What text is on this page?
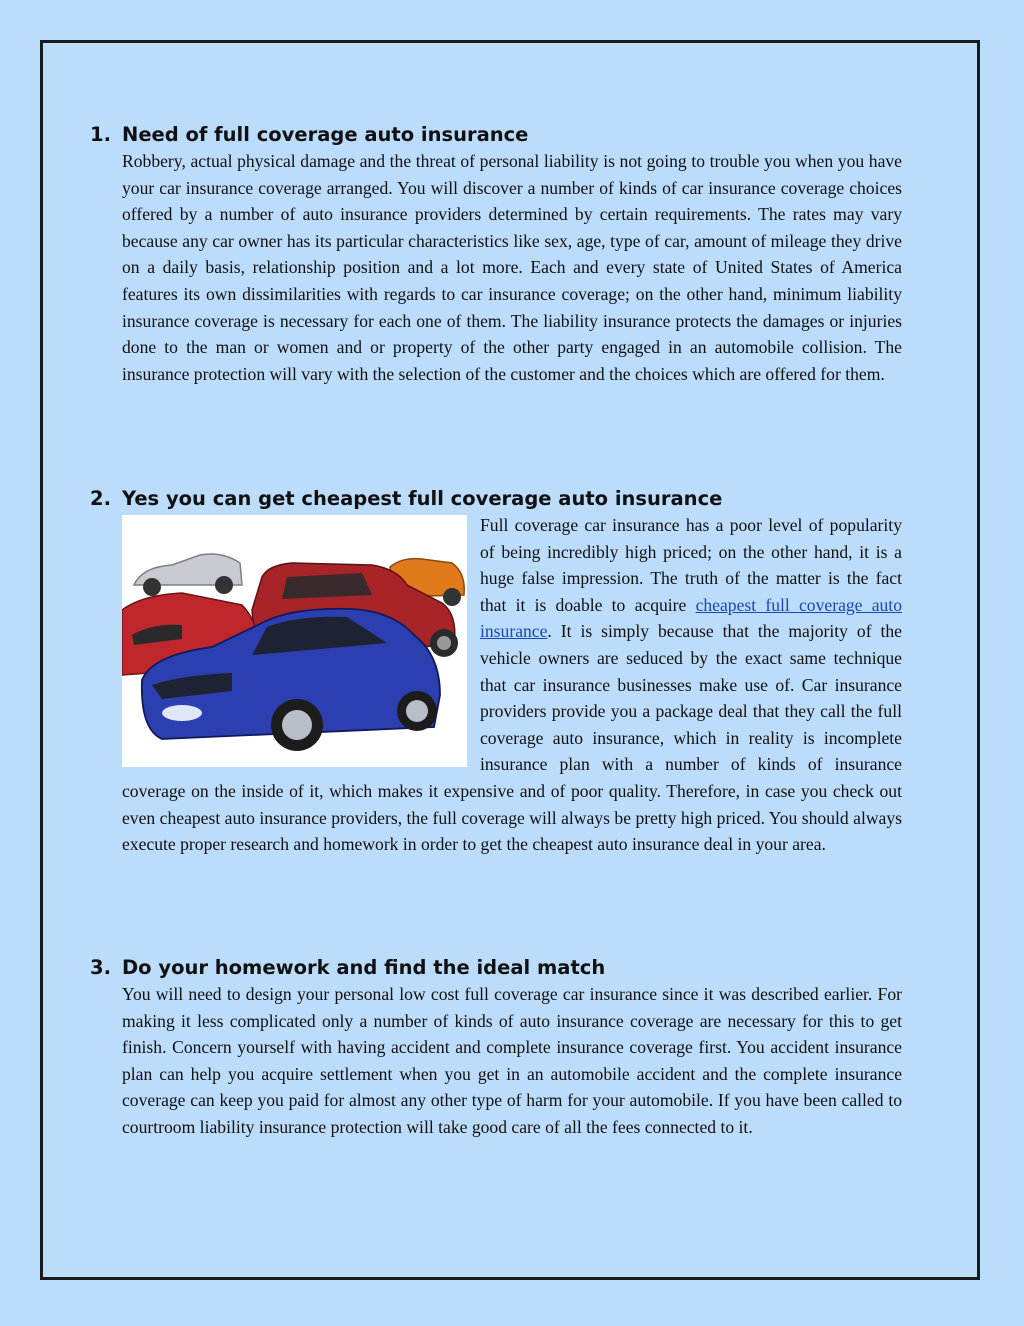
1. Need of full coverage auto insurance

Robbery, actual physical damage and the threat of personal liability is not going to trouble you when you have your car insurance coverage arranged. You will discover a number of kinds of car insurance coverage choices offered by a number of auto insurance providers determined by certain requirements. The rates may vary because any car owner has its particular characteristics like sex, age, type of car, amount of mileage they drive on a daily basis, relationship position and a lot more. Each and every state of United States of America features its own dissimilarities with regards to car insurance coverage; on the other hand, minimum liability insurance coverage is necessary for each one of them. The liability insurance protects the damages or injuries done to the man or women and or property of the other party engaged in an automobile collision. The insurance protection will vary with the selection of the customer and the choices which are offered for them.

2. Yes you can get cheapest full coverage auto insurance
Full coverage car insurance has a poor level of popularity of being incredibly high priced; on the other hand, it is a huge false impression. The truth of the matter is the fact that it is doable to acquire cheapest full coverage auto insurance. It is simply because that the majority of the vehicle owners are seduced by the exact same technique that car insurance businesses make use of. Car insurance providers provide you a package deal that they call the full coverage auto insurance, which in reality is incomplete insurance plan with a number of kinds of insurance coverage on the inside of it, which makes it expensive and of poor quality. Therefore, in case you check out even cheapest auto insurance providers, the full coverage will always be pretty high priced. You should always execute proper research and homework in order to get the cheapest auto insurance deal in your area.
3. Do your homework and find the ideal match

You will need to design your personal low cost full coverage car insurance since it was described earlier. For making it less complicated only a number of kinds of auto insurance coverage are necessary for this to get finish. Concern yourself with having accident and complete insurance coverage first. You accident insurance plan can help you acquire settlement when you get in an automobile accident and the complete insurance coverage can keep you paid for almost any other type of harm for your automobile. If you have been called to courtroom liability insurance protection will take good care of all the fees connected to it.
